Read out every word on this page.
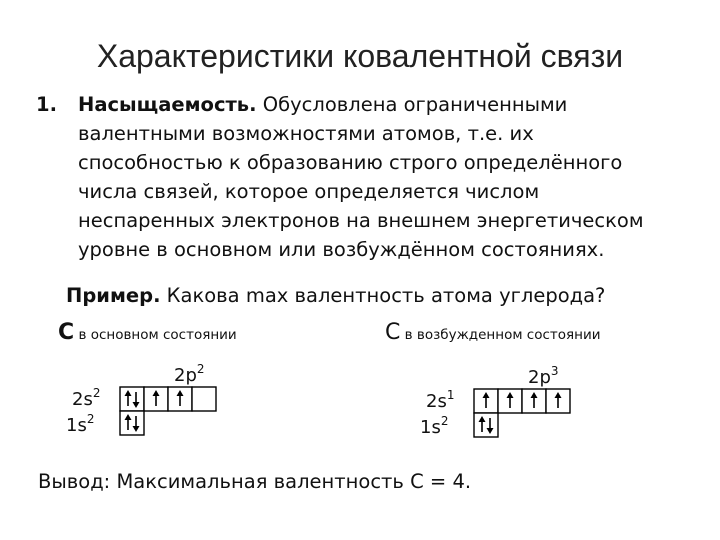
Характеристики ковалентной связи
1. Насыщаемость. Обусловлена ограниченными

валентными возможностями атомов, т.е. их

способностью к образованию строго определённого

числа связей, которое определяется числом

неспаренных электронов на внешнем энергетическом

уровне в основном или возбуждённом состояниях.

Пример. Какова max валентность атома углерода?
C в основном состоянии	С в возбужденном состоянии
$2s^2$
$2p^2$
$1s^2$
$2s^1$
$2p^3$
$1s^2$
Вывод: Максимальная валентность С = 4.
